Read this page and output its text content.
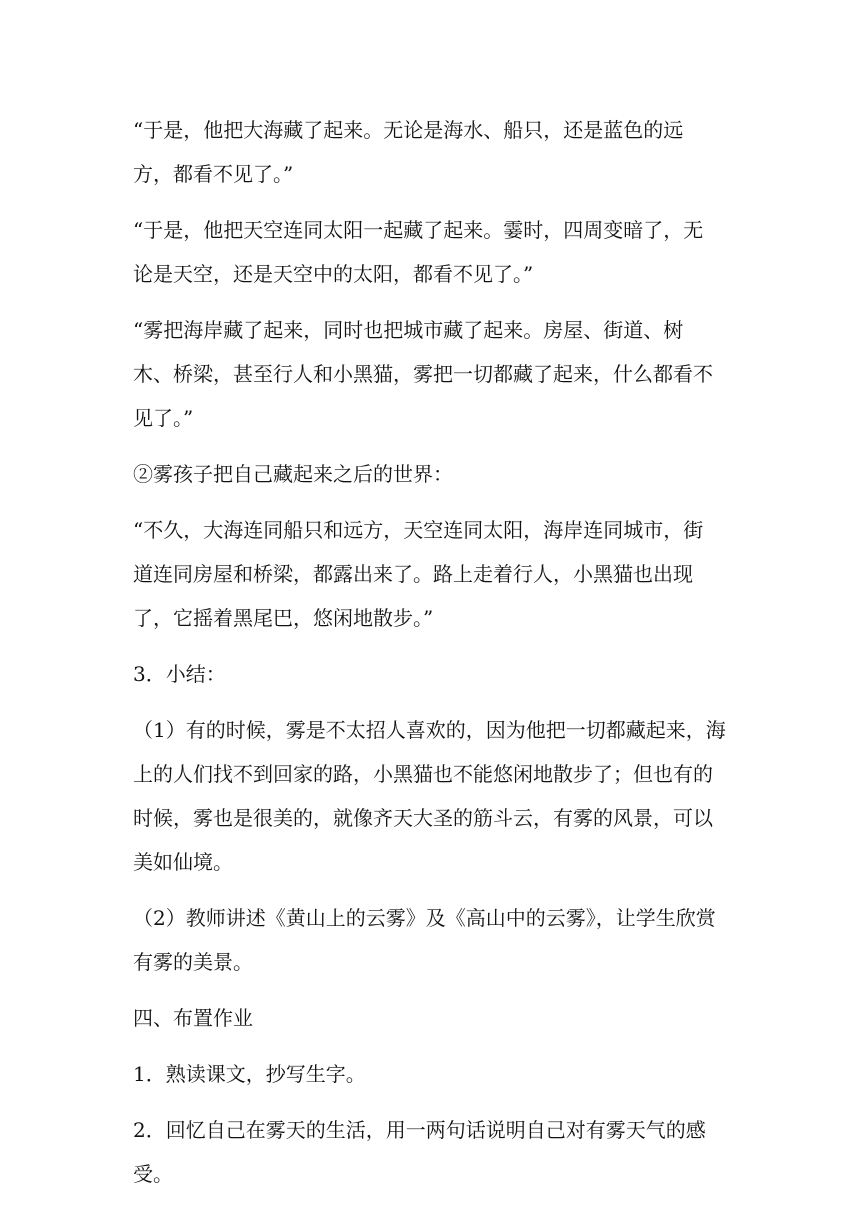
“于是，他把大海藏了起来。无论是海水、船只，还是蓝色的远
方，都看不见了。”
“于是，他把天空连同太阳一起藏了起来。霎时，四周变暗了，无
论是天空，还是天空中的太阳，都看不见了。”
“雾把海岸藏了起来，同时也把城市藏了起来。房屋、街道、树
木、桥梁，甚至行人和小黑猫，雾把一切都藏了起来，什么都看不
见了。”
②雾孩子把自己藏起来之后的世界：
“不久，大海连同船只和远方，天空连同太阳，海岸连同城市，街
道连同房屋和桥梁，都露出来了。路上走着行人，小黑猫也出现
了，它摇着黑尾巴，悠闲地散步。”
3．小结：
（1）有的时候，雾是不太招人喜欢的，因为他把一切都藏起来，海
上的人们找不到回家的路，小黑猫也不能悠闲地散步了；但也有的
时候，雾也是很美的，就像齐天大圣的筋斗云，有雾的风景，可以
美如仙境。
（2）教师讲述《黄山上的云雾》及《高山中的云雾》，让学生欣赏
有雾的美景。
四、布置作业
1．熟读课文，抄写生字。
2．回忆自己在雾天的生活，用一两句话说明自己对有雾天气的感
受。
